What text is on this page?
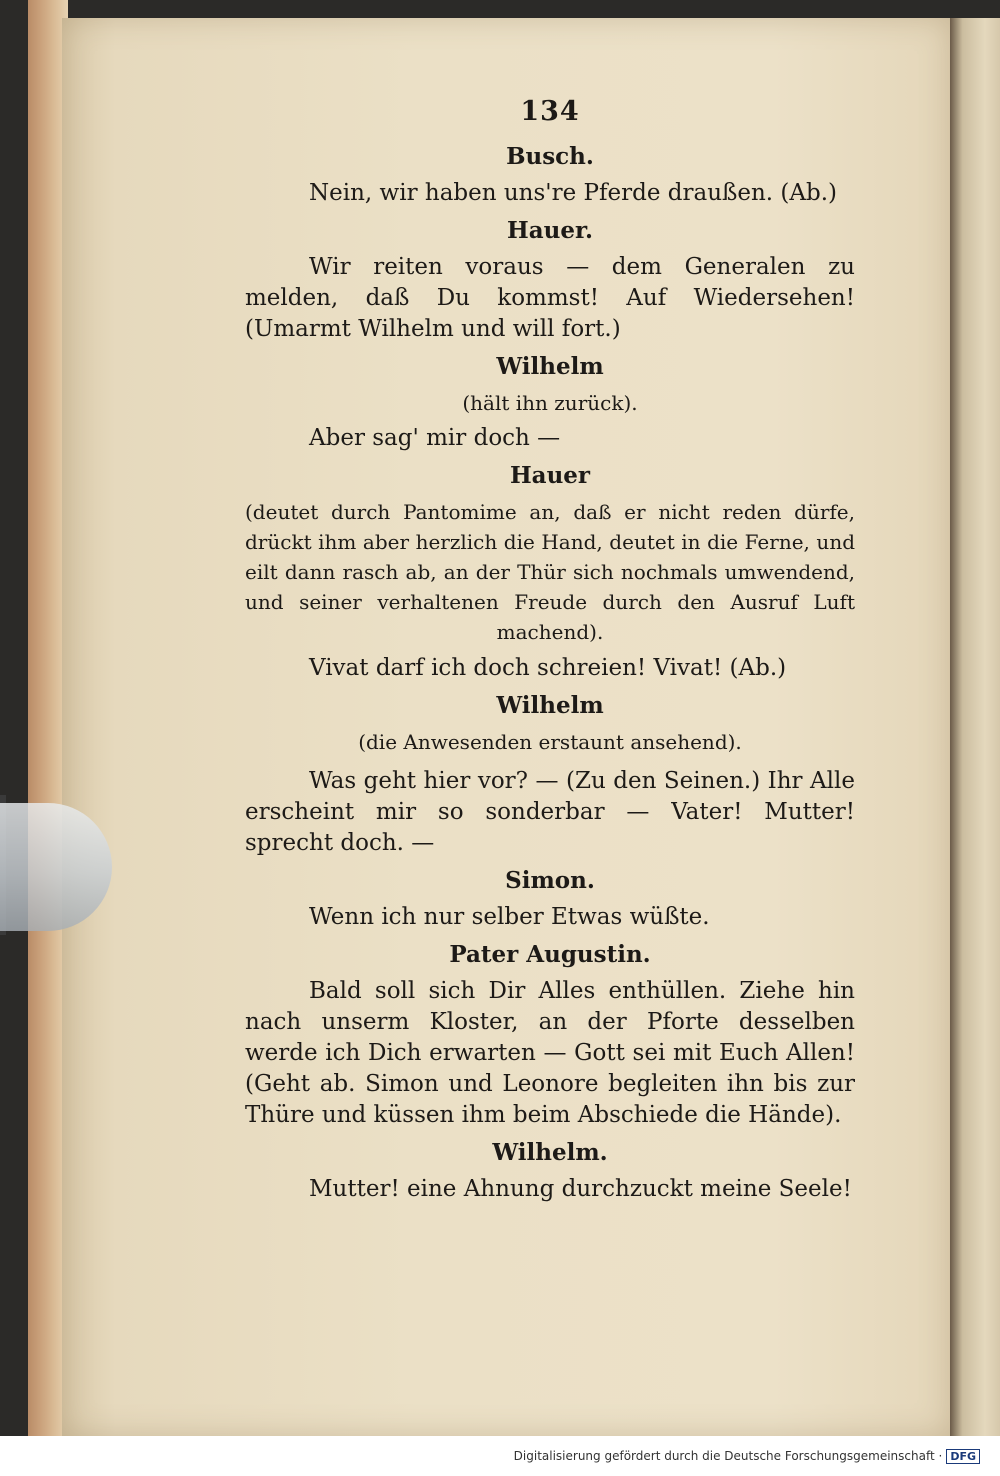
134
Busch.
Nein, wir haben uns're Pferde draußen. (Ab.)
Hauer.
Wir reiten voraus — dem Generalen zu melden, daß Du kommst! Auf Wiedersehen! (Umarmt Wilhelm und will fort.)
Wilhelm
(hält ihn zurück).
Aber sag' mir doch —
Hauer
(deutet durch Pantomime an, daß er nicht reden dürfe, drückt ihm aber herzlich die Hand, deutet in die Ferne, und eilt dann rasch ab, an der Thür sich nochmals umwendend, und seiner verhaltenen Freude durch den Ausruf Luft machend).
Vivat darf ich doch schreien! Vivat! (Ab.)
Wilhelm
(die Anwesenden erstaunt ansehend).
Was geht hier vor? — (Zu den Seinen.) Ihr Alle erscheint mir so sonderbar — Vater! Mutter! sprecht doch. —
Simon.
Wenn ich nur selber Etwas wüßte.
Pater Augustin.
Bald soll sich Dir Alles enthüllen. Ziehe hin nach unserm Kloster, an der Pforte desselben werde ich Dich erwarten — Gott sei mit Euch Allen! (Geht ab. Simon und Leonore begleiten ihn bis zur Thüre und küssen ihm beim Abschiede die Hände).
Wilhelm.
Mutter! eine Ahnung durchzuckt meine Seele!
Digitalisierung gefördert durch die Deutsche Forschungsgemeinschaft · DFG
